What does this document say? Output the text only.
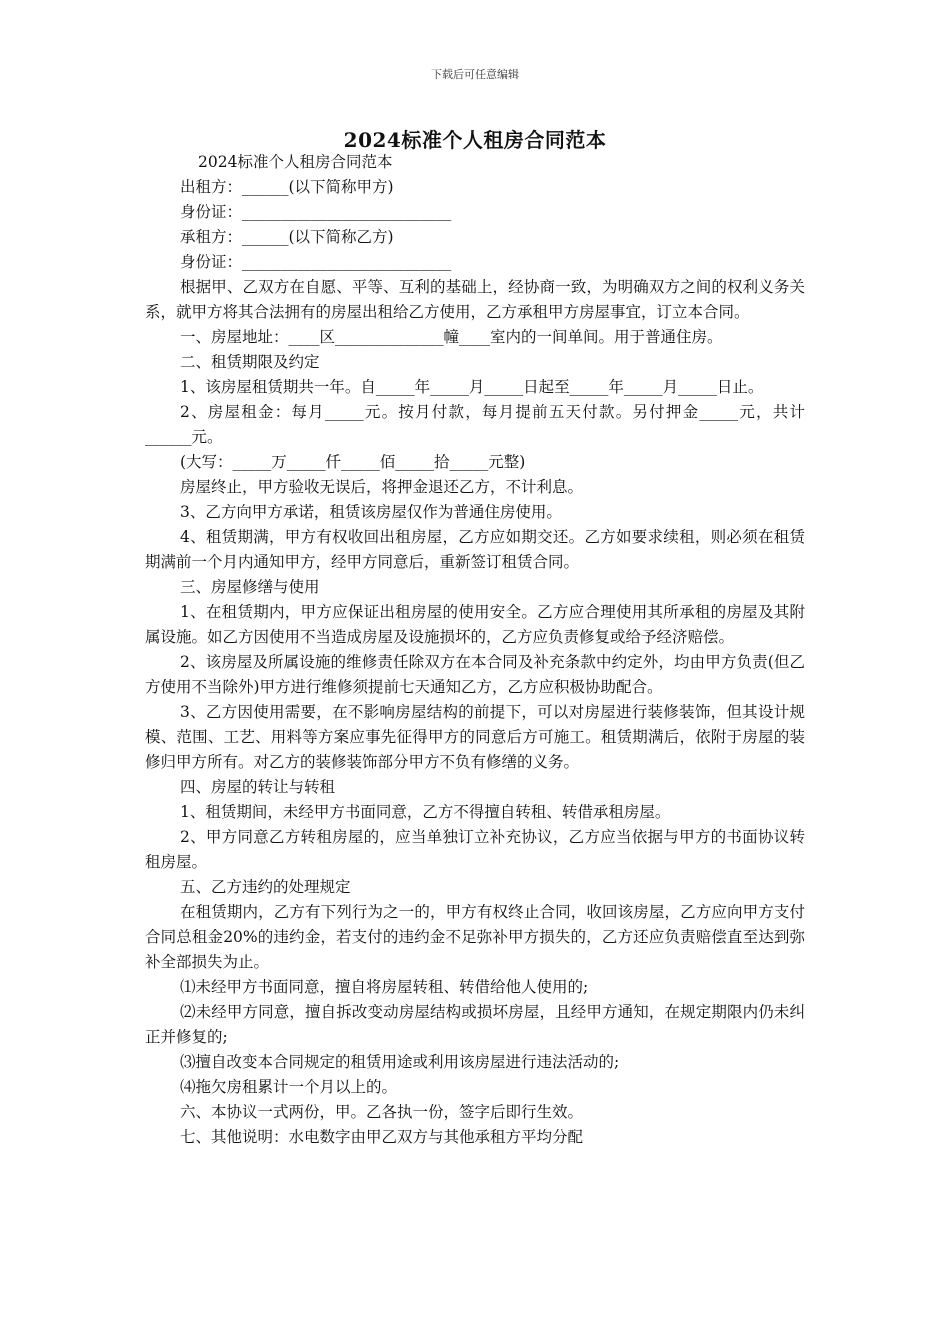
下载后可任意编辑
2024标准个人租房合同范本

2024标准个人租房合同范本

出租方：______(以下简称甲方)

身份证：___________________________

承租方：______(以下简称乙方)

身份证：___________________________

根据甲、乙双方在自愿、平等、互利的基础上，经协商一致，为明确双方之间的权利义务关系，就甲方将其合法拥有的房屋出租给乙方使用，乙方承租甲方房屋事宜，订立本合同。

一、房屋地址：____区______________幢____室内的一间单间。用于普通住房。

二、租赁期限及约定

1、该房屋租赁期共一年。自_____年_____月_____日起至_____年_____月_____日止。

2、房屋租金：每月_____元。按月付款，每月提前五天付款。另付押金_____元，共计______元。

(大写：_____万_____仟_____佰_____拾_____元整)

房屋终止，甲方验收无误后，将押金退还乙方，不计利息。

3、乙方向甲方承诺，租赁该房屋仅作为普通住房使用。

4、租赁期满，甲方有权收回出租房屋，乙方应如期交还。乙方如要求续租，则必须在租赁期满前一个月内通知甲方，经甲方同意后，重新签订租赁合同。

三、房屋修缮与使用

1、在租赁期内，甲方应保证出租房屋的使用安全。乙方应合理使用其所承租的房屋及其附属设施。如乙方因使用不当造成房屋及设施损坏的，乙方应负责修复或给予经济赔偿。

2、该房屋及所属设施的维修责任除双方在本合同及补充条款中约定外，均由甲方负责(但乙方使用不当除外)甲方进行维修须提前七天通知乙方，乙方应积极协助配合。

3、乙方因使用需要，在不影响房屋结构的前提下，可以对房屋进行装修装饰，但其设计规模、范围、工艺、用料等方案应事先征得甲方的同意后方可施工。租赁期满后，依附于房屋的装修归甲方所有。对乙方的装修装饰部分甲方不负有修缮的义务。

四、房屋的转让与转租

1、租赁期间，未经甲方书面同意，乙方不得擅自转租、转借承租房屋。

2、甲方同意乙方转租房屋的，应当单独订立补充协议，乙方应当依据与甲方的书面协议转租房屋。

五、乙方违约的处理规定

在租赁期内，乙方有下列行为之一的，甲方有权终止合同，收回该房屋，乙方应向甲方支付合同总租金20%的违约金，若支付的违约金不足弥补甲方损失的，乙方还应负责赔偿直至达到弥补全部损失为止。

⑴未经甲方书面同意，擅自将房屋转租、转借给他人使用的;

⑵未经甲方同意，擅自拆改变动房屋结构或损坏房屋，且经甲方通知，在规定期限内仍未纠正并修复的;

⑶擅自改变本合同规定的租赁用途或利用该房屋进行违法活动的;

⑷拖欠房租累计一个月以上的。

六、本协议一式两份，甲。乙各执一份，签字后即行生效。

七、其他说明：水电数字由甲乙双方与其他承租方平均分配
